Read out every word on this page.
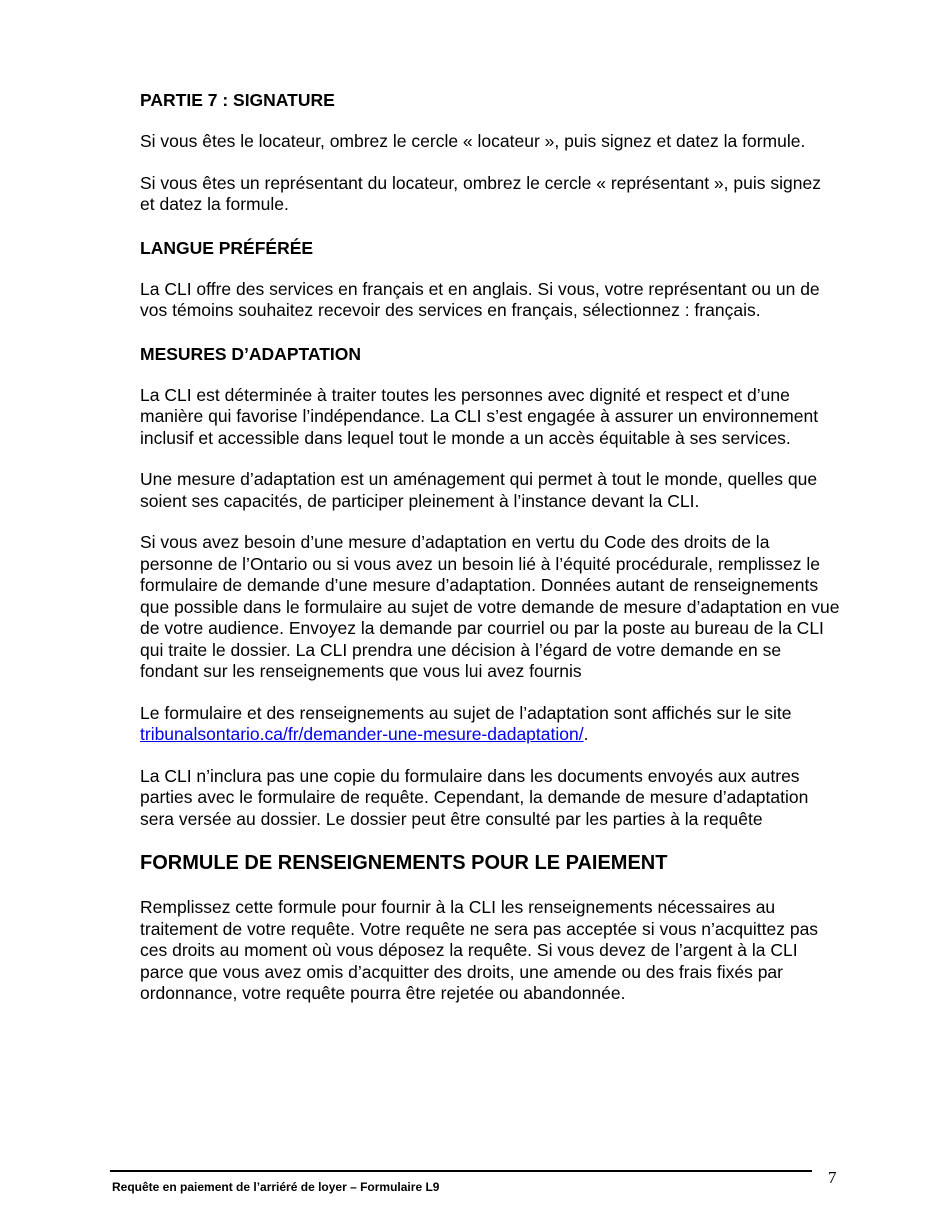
PARTIE 7 : SIGNATURE

Si vous êtes le locateur, ombrez le cercle « locateur », puis signez et datez la formule.

Si vous êtes un représentant du locateur, ombrez le cercle « représentant », puis signez et datez la formule.

LANGUE PRÉFÉRÉE

La CLI offre des services en français et en anglais. Si vous, votre représentant ou un de vos témoins souhaitez recevoir des services en français, sélectionnez : français.

MESURES D’ADAPTATION

La CLI est déterminée à traiter toutes les personnes avec dignité et respect et d’une manière qui favorise l’indépendance. La CLI s’est engagée à assurer un environnement inclusif et accessible dans lequel tout le monde a un accès équitable à ses services.

Une mesure d’adaptation est un aménagement qui permet à tout le monde, quelles que soient ses capacités, de participer pleinement à l’instance devant la CLI.

Si vous avez besoin d’une mesure d’adaptation en vertu du Code des droits de la personne de l’Ontario ou si vous avez un besoin lié à l’équité procédurale, remplissez le formulaire de demande d’une mesure d’adaptation. Données autant de renseignements que possible dans le formulaire au sujet de votre demande de mesure d’adaptation en vue de votre audience. Envoyez la demande par courriel ou par la poste au bureau de la CLI qui traite le dossier. La CLI prendra une décision à l’égard de votre demande en se fondant sur les renseignements que vous lui avez fournis

Le formulaire et des renseignements au sujet de l’adaptation sont affichés sur le site tribunalsontario.ca/fr/demander-une-mesure-dadaptation/.

La CLI n’inclura pas une copie du formulaire dans les documents envoyés aux autres parties avec le formulaire de requête. Cependant, la demande de mesure d’adaptation sera versée au dossier. Le dossier peut être consulté par les parties à la requête

FORMULE DE RENSEIGNEMENTS POUR LE PAIEMENT

Remplissez cette formule pour fournir à la CLI les renseignements nécessaires au traitement de votre requête. Votre requête ne sera pas acceptée si vous n’acquittez pas ces droits au moment où vous déposez la requête. Si vous devez de l’argent à la CLI parce que vous avez omis d’acquitter des droits, une amende ou des frais fixés par ordonnance, votre requête pourra être rejetée ou abandonnée.

7
Requête en paiement de l’arriéré de loyer – Formulaire L9
